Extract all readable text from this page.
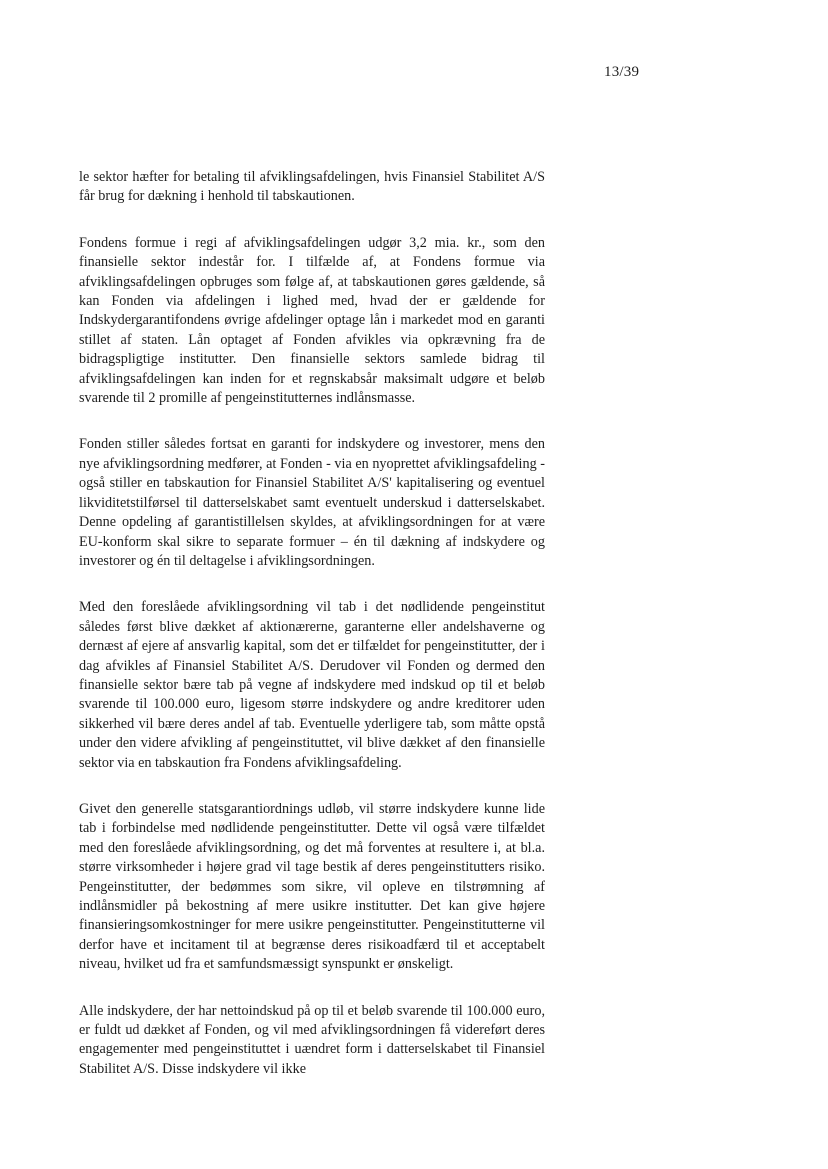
13/39

le sektor hæfter for betaling til afviklingsafdelingen, hvis Finansiel Stabilitet A/S får brug for dækning i henhold til tabskautionen.

Fondens formue i regi af afviklingsafdelingen udgør 3,2 mia. kr., som den finansielle sektor indestår for. I tilfælde af, at Fondens formue via afviklingsafdelingen opbruges som følge af, at tabskautionen gøres gældende, så kan Fonden via afdelingen i lighed med, hvad der er gældende for Indskydergarantifondens øvrige afdelinger optage lån i markedet mod en garanti stillet af staten. Lån optaget af Fonden afvikles via opkrævning fra de bidragspligtige institutter. Den finansielle sektors samlede bidrag til afviklingsafdelingen kan inden for et regnskabsår maksimalt udgøre et beløb svarende til 2 promille af pengeinstitutternes indlånsmasse.

Fonden stiller således fortsat en garanti for indskydere og investorer, mens den nye afviklingsordning medfører, at Fonden - via en nyoprettet afviklingsafdeling - også stiller en tabskaution for Finansiel Stabilitet A/S' kapitalisering og eventuel likviditetstilførsel til datterselskabet samt eventuelt underskud i datterselskabet. Denne opdeling af garantistillelsen skyldes, at afviklingsordningen for at være EU-konform skal sikre to separate formuer – én til dækning af indskydere og investorer og én til deltagelse i afviklingsordningen.

Med den foreslåede afviklingsordning vil tab i det nødlidende pengeinstitut således først blive dækket af aktionærerne, garanterne eller andelshaverne og dernæst af ejere af ansvarlig kapital, som det er tilfældet for pengeinstitutter, der i dag afvikles af Finansiel Stabilitet A/S. Derudover vil Fonden og dermed den finansielle sektor bære tab på vegne af indskydere med indskud op til et beløb svarende til 100.000 euro, ligesom større indskydere og andre kreditorer uden sikkerhed vil bære deres andel af tab. Eventuelle yderligere tab, som måtte opstå under den videre afvikling af pengeinstituttet, vil blive dækket af den finansielle sektor via en tabskaution fra Fondens afviklingsafdeling.

Givet den generelle statsgarantiordnings udløb, vil større indskydere kunne lide tab i forbindelse med nødlidende pengeinstitutter. Dette vil også være tilfældet med den foreslåede afviklingsordning, og det må forventes at resultere i, at bl.a. større virksomheder i højere grad vil tage bestik af deres pengeinstitutters risiko. Pengeinstitutter, der bedømmes som sikre, vil opleve en tilstrømning af indlånsmidler på bekostning af mere usikre institutter. Det kan give højere finansieringsomkostninger for mere usikre pengeinstitutter. Pengeinstitutterne vil derfor have et incitament til at begrænse deres risikoadfærd til et acceptabelt niveau, hvilket ud fra et samfundsmæssigt synspunkt er ønskeligt.

Alle indskydere, der har nettoindskud på op til et beløb svarende til 100.000 euro, er fuldt ud dækket af Fonden, og vil med afviklingsordningen få videreført deres engagementer med pengeinstituttet i uændret form i datterselskabet til Finansiel Stabilitet A/S. Disse indskydere vil ikke
